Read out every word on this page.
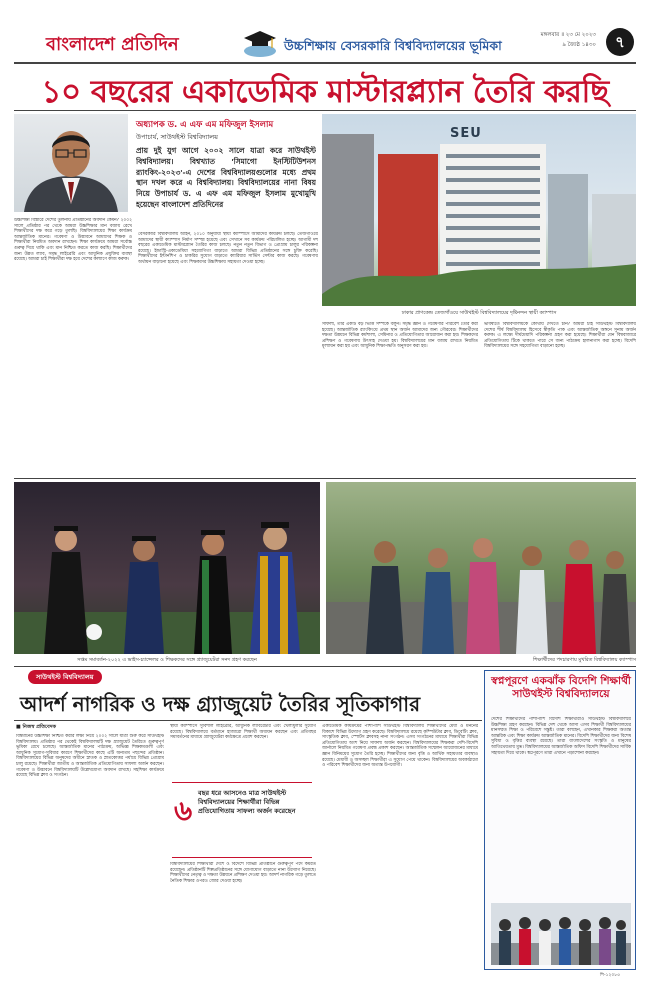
বাংলাদেশ প্রতিদিন	উচ্চশিক্ষায় বেসরকারি বিশ্ববিদ্যালয়ের ভূমিকা
মঙ্গলবার ॥ ২৩ মে ২০২৩
৯ জ্যৈষ্ঠ ১৪৩০	৭
১০ বছরের একাডেমিক মাস্টারপ্ল্যান তৈরি করছি
অধ্যাপক ড. এ এফ এম মফিজুল ইসলাম
উপাচার্য, সাউথইস্ট বিশ্ববিদ্যালয়
প্রায় দুই যুগ আগে ২০০২ সালে যাত্রা করে সাউথইস্ট বিশ্ববিদ্যালয়। বিশ্বখ্যাত 'সিমাগো ইনস্টিটিউশনস র‍্যাংকিং-২০২৩'-এ দেশের বিশ্ববিদ্যালয়গুলোর মধ্যে প্রথম স্থান দখল করে এ বিশ্ববিদ্যালয়। বিশ্ববিদ্যালয়ের নানা বিষয় নিয়ে উপাচার্য ড. এ এফ এম মফিজুল ইসলাম মুখোমুখি হয়েছেন বাংলাদেশ প্রতিদিনের
SEU
ঢাকার প্রাণকেন্দ্র তেজগাঁওয়ে সাউথইস্ট বিশ্ববিদ্যালয়ের দৃষ্টিনন্দন স্থায়ী ক্যাম্পাস
উচ্চশিক্ষা বিস্তারে দেশের তুলনায় প্রতিষ্ঠানের অবদান কেমন? ২০০২ সালে প্রতিষ্ঠার পর থেকে আমরা উচ্চশিক্ষার মান বজায় রেখে শিক্ষার্থীদের দক্ষ করে গড়ে তুলছি। বিশ্ববিদ্যালয়ের শিক্ষা কার্যক্রম আন্তর্জাতিক মানের। গবেষণা ও উদ্ভাবনে আমাদের শিক্ষক ও শিক্ষার্থীরা নিয়মিত অবদান রাখছেন। শিক্ষা কার্যক্রমে আমরা সর্বোচ্চ গুরুত্ব দিয়ে থাকি এবং মান নিশ্চিত করতে কাজ করছি। শিক্ষার্থীদের জন্য উন্নত ল্যাব, সমৃদ্ধ লাইব্রেরি এবং আধুনিক প্রযুক্তির ব্যবস্থা রয়েছে। আমরা চাই শিক্ষার্থীরা দক্ষ হয়ে দেশের কল্যাণে কাজ করুক।
বেসরকারি বিশ্ববিদ্যালয় আইন, ২০১০ অনুযায়ী স্থায়ী ক্যাম্পাসে আমাদের কার্যক্রম চলছে। তেজগাঁওয়ে আমাদের স্থায়ী ক্যাম্পাস নির্মাণ সম্পন্ন হয়েছে এবং সেখানে সব কার্যক্রম পরিচালিত হচ্ছে। আগামী দশ বছরের একাডেমিক মাস্টারপ্ল্যান তৈরির কাজ চলছে। নতুন নতুন বিভাগ ও প্রোগ্রাম চালুর পরিকল্পনা রয়েছে। ইন্ডাস্ট্রি-একাডেমিয়া সহযোগিতা বাড়াতে আমরা বিভিন্ন প্রতিষ্ঠানের সঙ্গে চুক্তি করেছি। শিক্ষার্থীদের ইন্টার্নশিপ ও চাকরির সুযোগ বাড়াতে ক্যারিয়ার সার্ভিস সেন্টার কাজ করছে। গবেষণায় অর্থায়ন বাড়ানো হয়েছে এবং শিক্ষকদের উচ্চশিক্ষায় সহায়তা দেওয়া হচ্ছে।
সাফল্য, তার একটি বড় ভিত্তি সম্পর্কে বলুন। সমৃদ্ধ জ্ঞান ও গবেষণার পরিবেশ তৈরি করা হয়েছে। আন্তর্জাতিক র‍্যাংকিংয়ে প্রথম স্থান অর্জন আমাদের জন্য গৌরবের। শিক্ষার্থীদের দক্ষতা উন্নয়নে বিভিন্ন কর্মশালা, সেমিনার ও প্রতিযোগিতার আয়োজন করা হয়। শিক্ষকদের প্রশিক্ষণ ও গবেষণায় উৎসাহ দেওয়া হয়। বিশ্ববিদ্যালয়ের মান বজায় রাখতে নিয়মিত মূল্যায়ন করা হয় এবং আধুনিক শিক্ষাপদ্ধতি অনুসরণ করা হয়।
ভবিষ্যতে বিশ্ববিদ্যালয়কে কোথায় দেখতে চান? আমরা চাই সাউথইস্ট বিশ্ববিদ্যালয় দেশের শীর্ষ বিশ্ববিদ্যালয় হিসেবে স্বীকৃতি পাক এবং আন্তর্জাতিক অঙ্গনে সুনাম অর্জন করুক। এ লক্ষ্যে দীর্ঘমেয়াদি পরিকল্পনা গ্রহণ করা হয়েছে। শিক্ষার্থীরা যেন বিশ্ববাজারে প্রতিযোগিতায় টিকে থাকতে পারে সে জন্য পাঠ্যক্রম হালনাগাদ করা হচ্ছে। বিদেশি বিশ্ববিদ্যালয়ের সঙ্গে সহযোগিতা বাড়ানো হচ্ছে।
সপ্তম সমাবর্তন-২০২২ এ ভাইস-চ্যান্সেলর ও শিক্ষকদের সঙ্গে গ্র্যাজুয়েটরা সনদ গ্রহণ করছেন	শিক্ষার্থীদের পদচারণায় মুখরিত বিশ্ববিদ্যালয় ক্যাম্পাস
সাউথইস্ট বিশ্ববিদ্যালয়
আদর্শ নাগরিক ও দক্ষ গ্র্যাজুয়েট তৈরির সূতিকাগার
■ নিজস্ব প্রতিবেদক
বিশ্বমানের উচ্চশিক্ষা নিশ্চিত করার লক্ষ্য নিয়ে ২০০২ সালে যাত্রা শুরু করে সাউথইস্ট বিশ্ববিদ্যালয়। প্রতিষ্ঠার পর থেকেই বিশ্ববিদ্যালয়টি দক্ষ গ্র্যাজুয়েট তৈরিতে গুরুত্বপূর্ণ ভূমিকা রেখে চলেছে। আন্তর্জাতিক মানের পাঠ্যক্রম, অভিজ্ঞ শিক্ষকমণ্ডলী এবং আধুনিক সুযোগ-সুবিধার কারণে শিক্ষার্থীদের কাছে এটি অন্যতম পছন্দের প্রতিষ্ঠান। বিশ্ববিদ্যালয়ের বিভিন্ন অনুষদের অধীনে স্নাতক ও স্নাতকোত্তর পর্যায়ে বিভিন্ন প্রোগ্রাম চালু রয়েছে। শিক্ষার্থীরা জাতীয় ও আন্তর্জাতিক প্রতিযোগিতায় সাফল্য অর্জন করছেন। গবেষণা ও উদ্ভাবনে বিশ্ববিদ্যালয়টি উল্লেখযোগ্য অবদান রাখছে। সহশিক্ষা কার্যক্রমে রয়েছে বিভিন্ন ক্লাব ও সংগঠন।
স্থায়ী ক্যাম্পাসে সুবিশাল লাইব্রেরি, আধুনিক ল্যাবরেটরি এবং খেলাধুলার সুযোগ রয়েছে। বিশ্ববিদ্যালয়ে বর্তমানে হাজারো শিক্ষার্থী অধ্যয়ন করছেন এবং প্রতিবছর সমাবর্তনের মাধ্যমে গ্র্যাজুয়েটরা কর্মক্ষেত্রে প্রবেশ করছেন।
৬
বছর ধরে আসনেও মাত্র সাউথইস্ট বিশ্ববিদ্যালয়ের শিক্ষার্থীরা বিভিন্ন প্রতিযোগিতায় সাফল্য অর্জন করেছেন
বিশ্ববিদ্যালয়ের শিক্ষার্থীরা দেশে ও বিদেশে বিভিন্ন প্রতিষ্ঠানে গুরুত্বপূর্ণ পদে কর্মরত রয়েছেন। প্রতিষ্ঠানটি শিল্পপ্রতিষ্ঠানের সঙ্গে যোগাযোগ বাড়াতে নানা উদ্যোগ নিয়েছে। শিক্ষার্থীদের নেতৃত্ব ও দক্ষতা উন্নয়নে প্রশিক্ষণ দেওয়া হয়। আদর্শ নাগরিক গড়ে তুলতে নৈতিক শিক্ষার ওপরও জোর দেওয়া হচ্ছে।
একাডেমিক কার্যক্রমের পাশাপাশি সাউথইস্ট বিশ্ববিদ্যালয় শিক্ষার্থীদের মেধা ও মননের বিকাশে বিভিন্ন উদ্যোগ গ্রহণ করেছে। বিশ্ববিদ্যালয়ে রয়েছে কম্পিউটার ক্লাব, ডিবেটিং ক্লাব, সাংস্কৃতিক ক্লাব, স্পোর্টস ক্লাবসহ নানা সংগঠন। এসব সংগঠনের মাধ্যমে শিক্ষার্থীরা বিভিন্ন প্রতিযোগিতায় অংশ নিয়ে সাফল্য অর্জন করছেন। বিশ্ববিদ্যালয়ের শিক্ষকরা দেশি-বিদেশি জার্নালে নিয়মিত গবেষণা প্রবন্ধ প্রকাশ করছেন। আন্তর্জাতিক সম্মেলন আয়োজনের মাধ্যমে জ্ঞান বিনিময়ের সুযোগ তৈরি হচ্ছে। শিক্ষার্থীদের জন্য বৃত্তি ও আর্থিক সহায়তার ব্যবস্থাও রয়েছে। মেধাবী ও অসচ্ছল শিক্ষার্থীরা এ সুযোগ পেয়ে থাকেন। বিশ্ববিদ্যালয়ের অবকাঠামো ও পরিবেশ শিক্ষার্থীদের জন্য অত্যন্ত উপযোগী।
স্বপ্নপূরণে একঝাঁক বিদেশি শিক্ষার্থী সাউথইস্ট বিশ্ববিদ্যালয়ে
দেশের শিক্ষার্থীদের পাশাপাশি বিদেশি শিক্ষার্থীরাও সাউথইস্ট বিশ্ববিদ্যালয়ে উচ্চশিক্ষা গ্রহণ করছেন। বিভিন্ন দেশ থেকে আসা এসব শিক্ষার্থী বিশ্ববিদ্যালয়ের মানসম্মত শিক্ষা ও পরিবেশে সন্তুষ্ট। তারা বলছেন, এখানকার শিক্ষকরা অত্যন্ত আন্তরিক এবং শিক্ষা কার্যক্রম আন্তর্জাতিক মানের। বিদেশি শিক্ষার্থীদের জন্য বিশেষ সুবিধা ও বৃত্তির ব্যবস্থা রয়েছে। তারা বাংলাদেশের সংস্কৃতি ও মানুষের আতিথেয়তায় মুগ্ধ। বিশ্ববিদ্যালয়ের আন্তর্জাতিক অফিস বিদেশি শিক্ষার্থীদের সার্বিক সহায়তা দিয়ে থাকে। স্বপ্নপূরণে তারা এখানে পড়াশোনা করছেন।
শি-১২০৮৫
